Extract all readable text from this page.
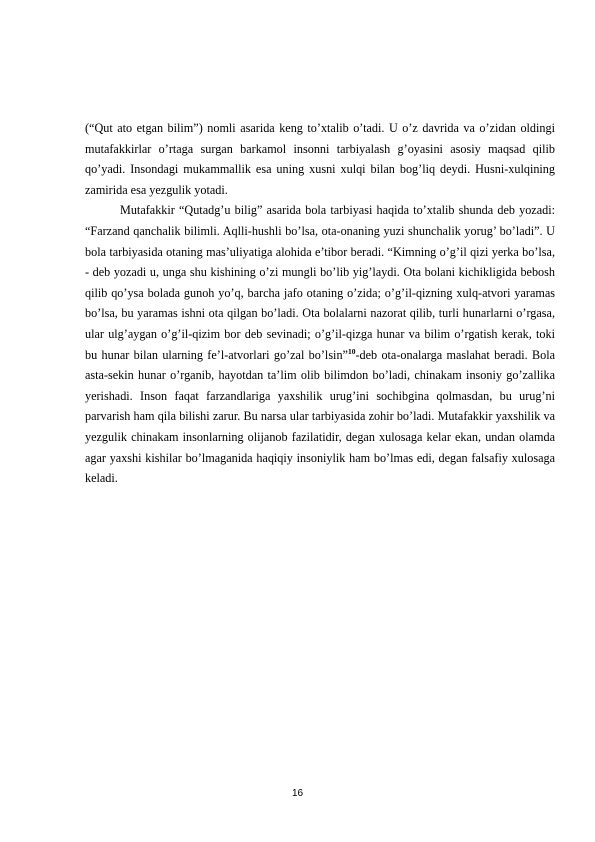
(“Qut ato etgan bilim”) nomli asarida keng to’xtalib o’tadi. U o’z davrida va o’zidan oldingi mutafakkirlar o’rtaga surgan barkamol insonni tarbiyalash g’oyasini asosiy maqsad qilib qo’yadi. Insondagi mukammallik esa uning xusni xulqi bilan bog’liq deydi. Husni-xulqining zamirida esa yezgulik yotadi.

Mutafakkir “Qutadg’u bilig” asarida bola tarbiyasi haqida to’xtalib shunda deb yozadi: “Farzand qanchalik bilimli. Aqlli-hushli bo’lsa, ota-onaning yuzi shunchalik yorug’ bo’ladi”. U bola tarbiyasida otaning mas’uliyatiga alohida e’tibor beradi. “Kimning o’g’il qizi yerka bo’lsa, - deb yozadi u, unga shu kishining o’zi mungli bo’lib yig’laydi. Ota bolani kichikligida bebosh qilib qo’ysa bolada gunoh yo’q, barcha jafo otaning o’zida; o’g’il-qizning xulq-atvori yaramas bo’lsa, bu yaramas ishni ota qilgan bo’ladi. Ota bolalarni nazorat qilib, turli hunarlarni o’rgasa, ular ulg’aygan o’g’il-qizim bor deb sevinadi; o’g’il-qizga hunar va bilim o’rgatish kerak, toki bu hunar bilan ularning fe’l-atvorlari go’zal bo’lsin”$^{10}$-deb ota-onalarga maslahat beradi. Bola asta-sekin hunar o’rganib, hayotdan ta’lim olib bilimdon bo’ladi, chinakam insoniy go’zallika yerishadi. Inson faqat farzandlariga yaxshilik urug’ini sochibgina qolmasdan, bu urug’ni parvarish ham qila bilishi zarur. Bu narsa ular tarbiyasida zohir bo’ladi. Mutafakkir yaxshilik va yezgulik chinakam insonlarning olijanob fazilatidir, degan xulosaga kelar ekan, undan olamda agar yaxshi kishilar bo’lmaganida haqiqiy insoniylik ham bo’lmas edi, degan falsafiy xulosaga keladi.

16
